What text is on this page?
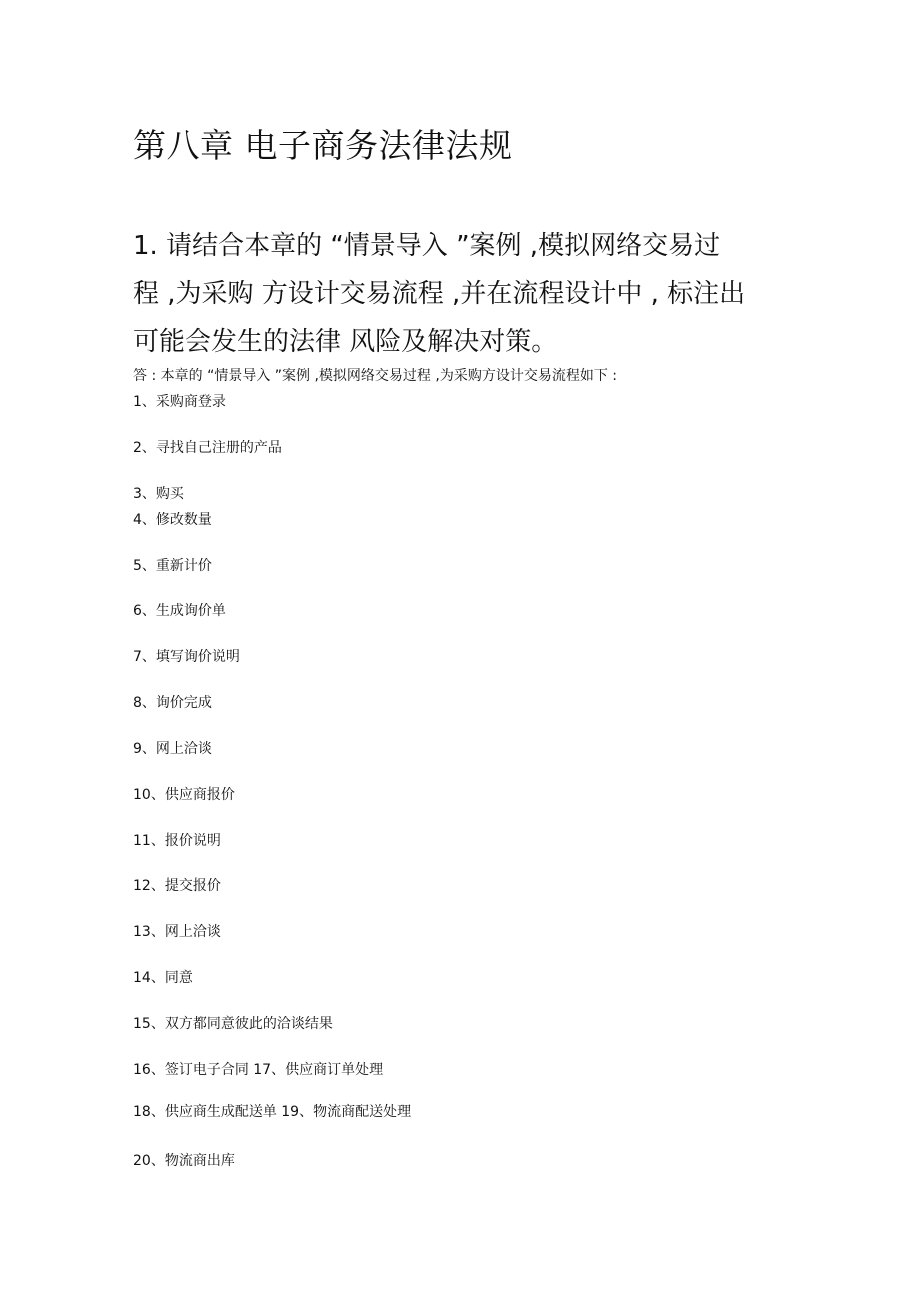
第八章 电子商务法律法规

1. 请结合本章的 “情景导入 ”案例 ,模拟网络交易过
程 ,为采购 方设计交易流程 ,并在流程设计中 , 标注出
可能会发生的法律 风险及解决对策。

答 : 本章的 “情景导入 ”案例 ,模拟网络交易过程 ,为采购方设计交易流程如下 :

1、采购商登录
2、寻找自己注册的产品
3、购买
4、修改数量
5、重新计价
6、生成询价单
7、填写询价说明
8、询价完成
9、网上洽谈
10、供应商报价
11、报价说明
12、提交报价
13、网上洽谈
14、同意
15、双方都同意彼此的洽谈结果
16、签订电子合同 17、供应商订单处理
18、供应商生成配送单 19、物流商配送处理
20、物流商出库
